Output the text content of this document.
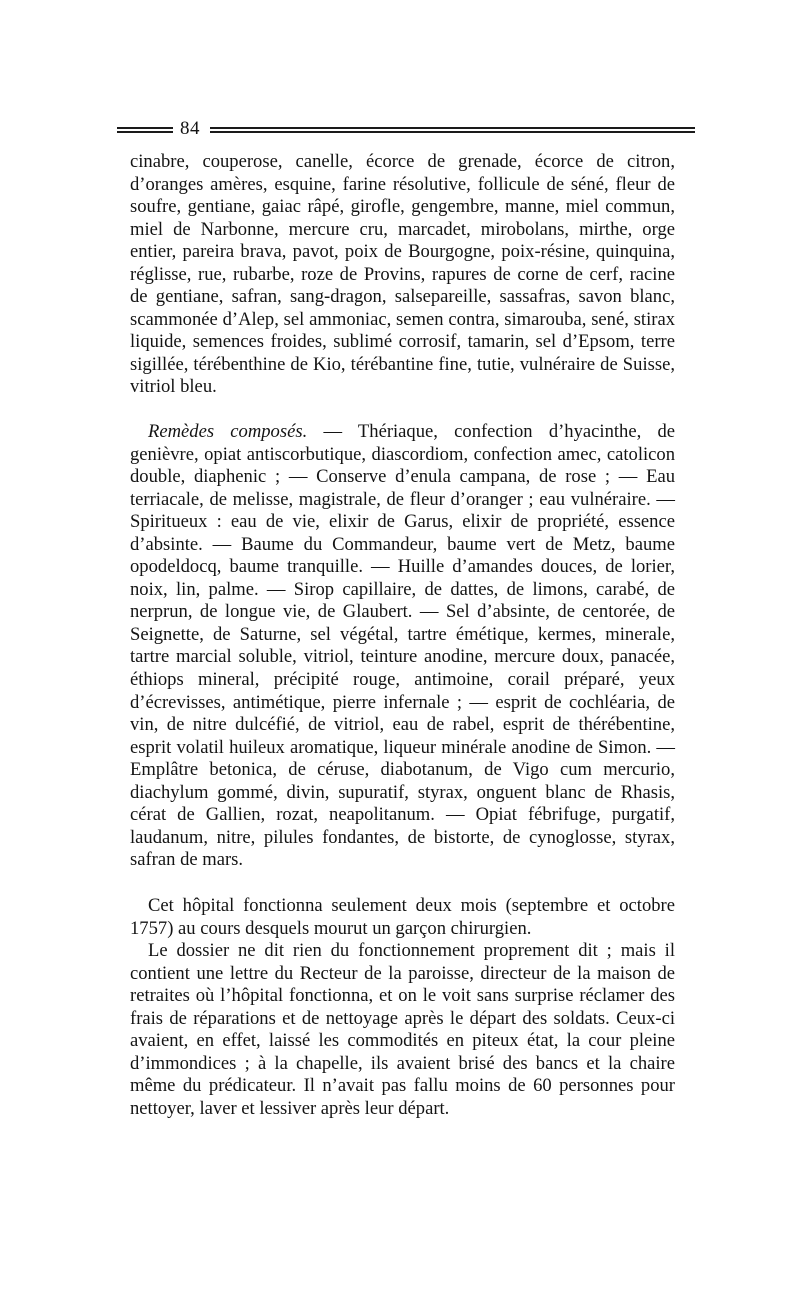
84

cinabre, couperose, canelle, écorce de grenade, écorce de citron, d’oranges amères, esquine, farine résolutive, follicule de séné, fleur de soufre, gentiane, gaiac râpé, girofle, gengembre, manne, miel commun, miel de Narbonne, mercure cru, marcadet, mirobolans, mirthe, orge entier, pareira brava, pavot, poix de Bourgogne, poix-résine, quinquina, réglisse, rue, rubarbe, roze de Provins, rapures de corne de cerf, racine de gentiane, safran, sang-dragon, salsepareille, sassafras, savon blanc, scammonée d’Alep, sel ammoniac, semen contra, simarouba, sené, stirax liquide, semences froides, sublimé corrosif, tamarin, sel d’Epsom, terre sigillée, térébenthine de Kio, térébantine fine, tutie, vulnéraire de Suisse, vitriol bleu.

Remèdes composés. — Thériaque, confection d’hyacinthe, de genièvre, opiat antiscorbutique, diascordiom, confection amec, catolicon double, diaphenic ; — Conserve d’enula campana, de rose ; — Eau terriacale, de melisse, magistrale, de fleur d’oranger ; eau vulnéraire. — Spiritueux : eau de vie, elixir de Garus, elixir de propriété, essence d’absinte. — Baume du Commandeur, baume vert de Metz, baume opodeldocq, baume tranquille. — Huille d’amandes douces, de lorier, noix, lin, palme. — Sirop capillaire, de dattes, de limons, carabé, de nerprun, de longue vie, de Glaubert. — Sel d’absinte, de centorée, de Seignette, de Saturne, sel végétal, tartre émétique, kermes, minerale, tartre marcial soluble, vitriol, teinture anodine, mercure doux, panacée, éthiops mineral, précipité rouge, antimoine, corail préparé, yeux d’écrevisses, antimétique, pierre infernale ; — esprit de cochléaria, de vin, de nitre dulcéfié, de vitriol, eau de rabel, esprit de thérébentine, esprit volatil huileux aromatique, liqueur minérale anodine de Simon. — Emplâtre betonica, de céruse, diabotanum, de Vigo cum mercurio, diachylum gommé, divin, supuratif, styrax, onguent blanc de Rhasis, cérat de Gallien, rozat, neapolitanum. — Opiat fébrifuge, purgatif, laudanum, nitre, pilules fondantes, de bistorte, de cynoglosse, styrax, safran de mars.

Cet hôpital fonctionna seulement deux mois (septembre et octobre 1757) au cours desquels mourut un garçon chirurgien.

Le dossier ne dit rien du fonctionnement proprement dit ; mais il contient une lettre du Recteur de la paroisse, directeur de la maison de retraites où l’hôpital fonctionna, et on le voit sans surprise réclamer des frais de réparations et de nettoyage après le départ des soldats. Ceux-ci avaient, en effet, laissé les commodités en piteux état, la cour pleine d’immondices ; à la chapelle, ils avaient brisé des bancs et la chaire même du prédicateur. Il n’avait pas fallu moins de 60 personnes pour nettoyer, laver et lessiver après leur départ.
